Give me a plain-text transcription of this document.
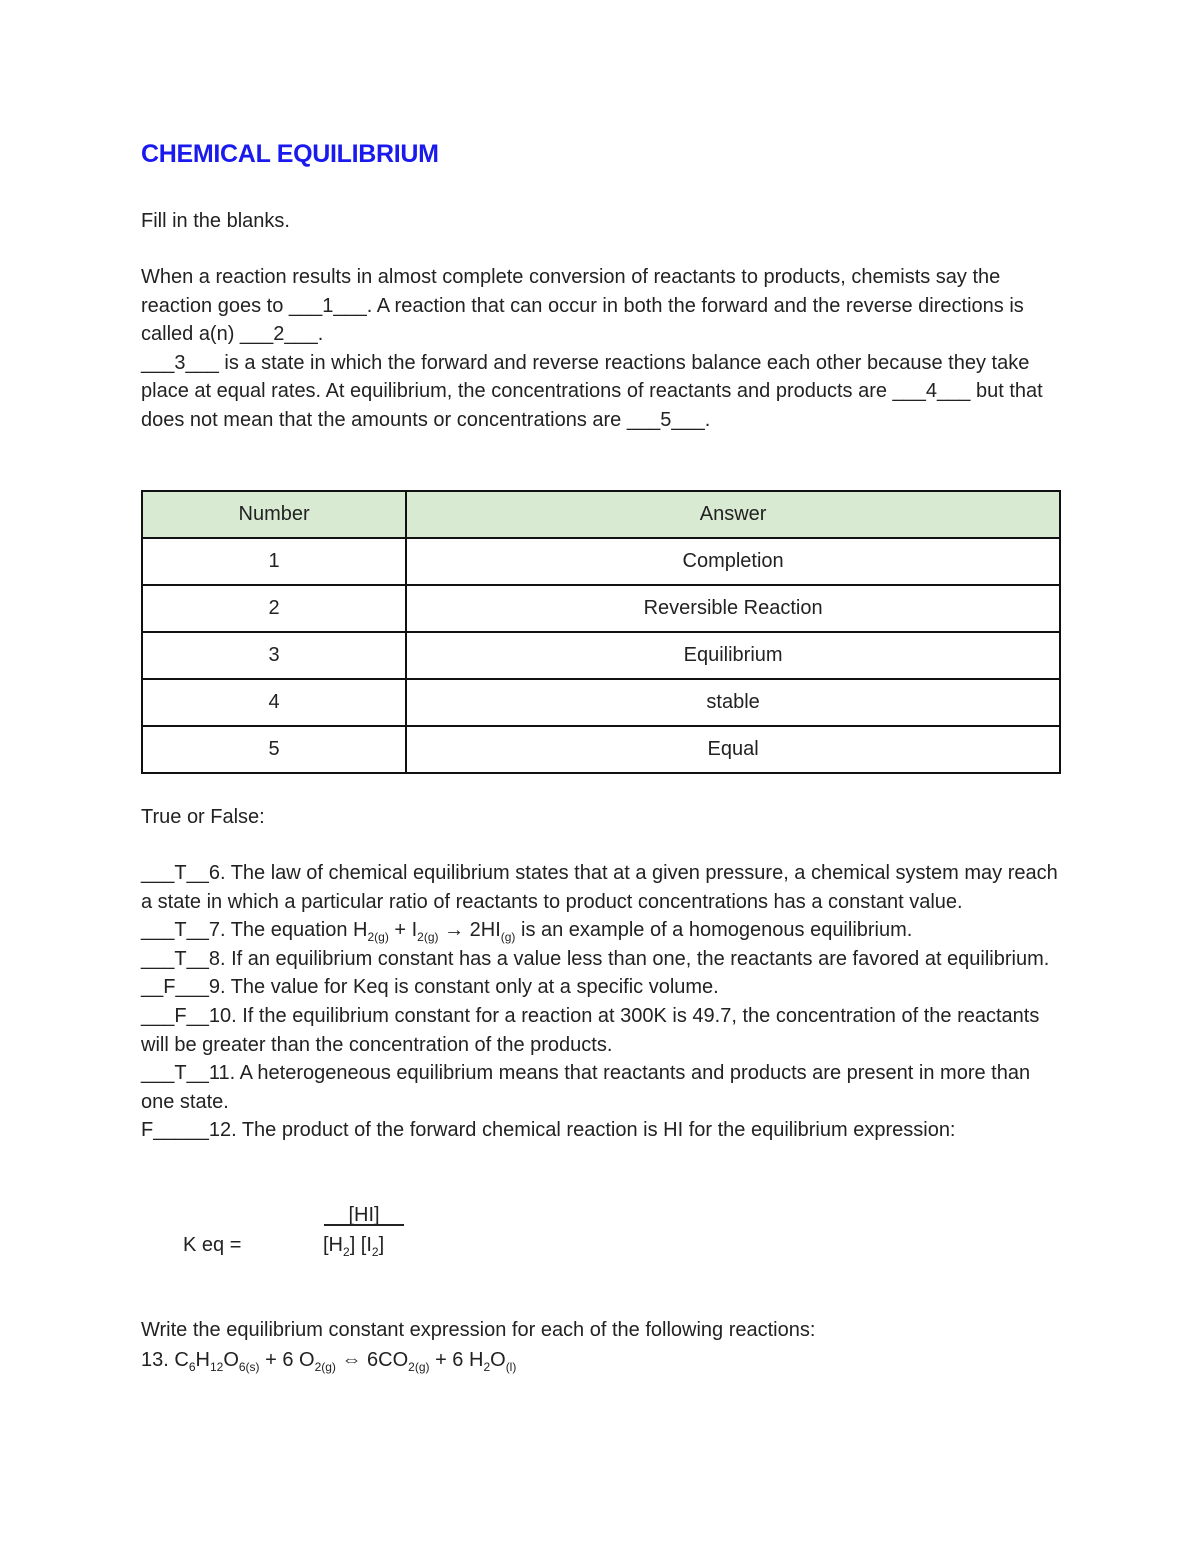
CHEMICAL EQUILIBRIUM

Fill in the blanks.

When a reaction results in almost complete conversion of reactants to products, chemists say the reaction goes to ___1___. A reaction that can occur in both the forward and the reverse directions is called a(n) ___2___.
___3___ is a state in which the forward and reverse reactions balance each other because they take place at equal rates. At equilibrium, the concentrations of reactants and products are ___4___ but that does not mean that the amounts or concentrations are ___5___.

Number	Answer
1	Completion
2	Reversible Reaction
3	Equilibrium
4	stable
5	Equal

True or False:

___T__6. The law of chemical equilibrium states that at a given pressure, a chemical system may reach a state in which a particular ratio of reactants to product concentrations has a constant value.
___T__7. The equation $H_{2(g)} + I_{2(g)} \to 2HI_{(g)}$ is an example of a homogenous equilibrium.
___T__8. If an equilibrium constant has a value less than one, the reactants are favored at equilibrium.
__F___9. The value for Keq is constant only at a specific volume.
___F__10. If the equilibrium constant for a reaction at 300K is 49.7, the concentration of the reactants will be greater than the concentration of the products.
___T__11. A heterogeneous equilibrium means that reactants and products are present in more than one state.
F_____12. The product of the forward chemical reaction is HI for the equilibrium expression:
[HI]
K eq =	$[H_2]$ $[I_2]$

Write the equilibrium constant expression for each of the following reactions:

13. $C_6H_{12}O_{6(s)} + 6$ $O_{2(g)}$ ⇔ $6CO_{2(g)} + 6$ $H_2O_{(l)}$
